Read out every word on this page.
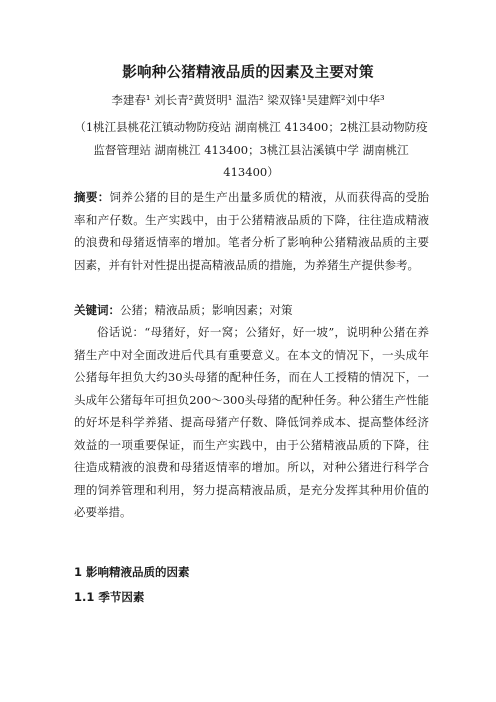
影响种公猪精液品质的因素及主要对策
李建春¹ 刘长青²黄贤明¹ 温浩² 梁双锋¹吴建辉²刘中华³
（1桃江县桃花江镇动物防疫站 湖南桃江 413400；2桃江县动物防疫监督管理站 湖南桃江 413400；3桃江县沾溪镇中学 湖南桃江 413400）
摘要：饲养公猪的目的是生产出量多质优的精液，从而获得高的受胎率和产仔数。生产实践中，由于公猪精液品质的下降，往往造成精液的浪费和母猪返情率的增加。笔者分析了影响种公猪精液品质的主要因素，并有针对性提出提高精液品质的措施，为养猪生产提供参考。
关键词：公猪；精液品质；影响因素；对策
俗话说：“母猪好，好一窝；公猪好，好一坡”，说明种公猪在养猪生产中对全面改进后代具有重要意义。在本文的情况下，一头成年公猪每年担负大约30头母猪的配种任务，而在人工授精的情况下，一头成年公猪每年可担负200～300头母猪的配种任务。种公猪生产性能的好坏是科学养猪、提高母猪产仔数、降低饲养成本、提高整体经济效益的一项重要保证，而生产实践中，由于公猪精液品质的下降，往往造成精液的浪费和母猪返情率的增加。所以，对种公猪进行科学合理的饲养管理和利用，努力提高精液品质，是充分发挥其种用价值的必要举措。
1 影响精液品质的因素
1.1 季节因素
